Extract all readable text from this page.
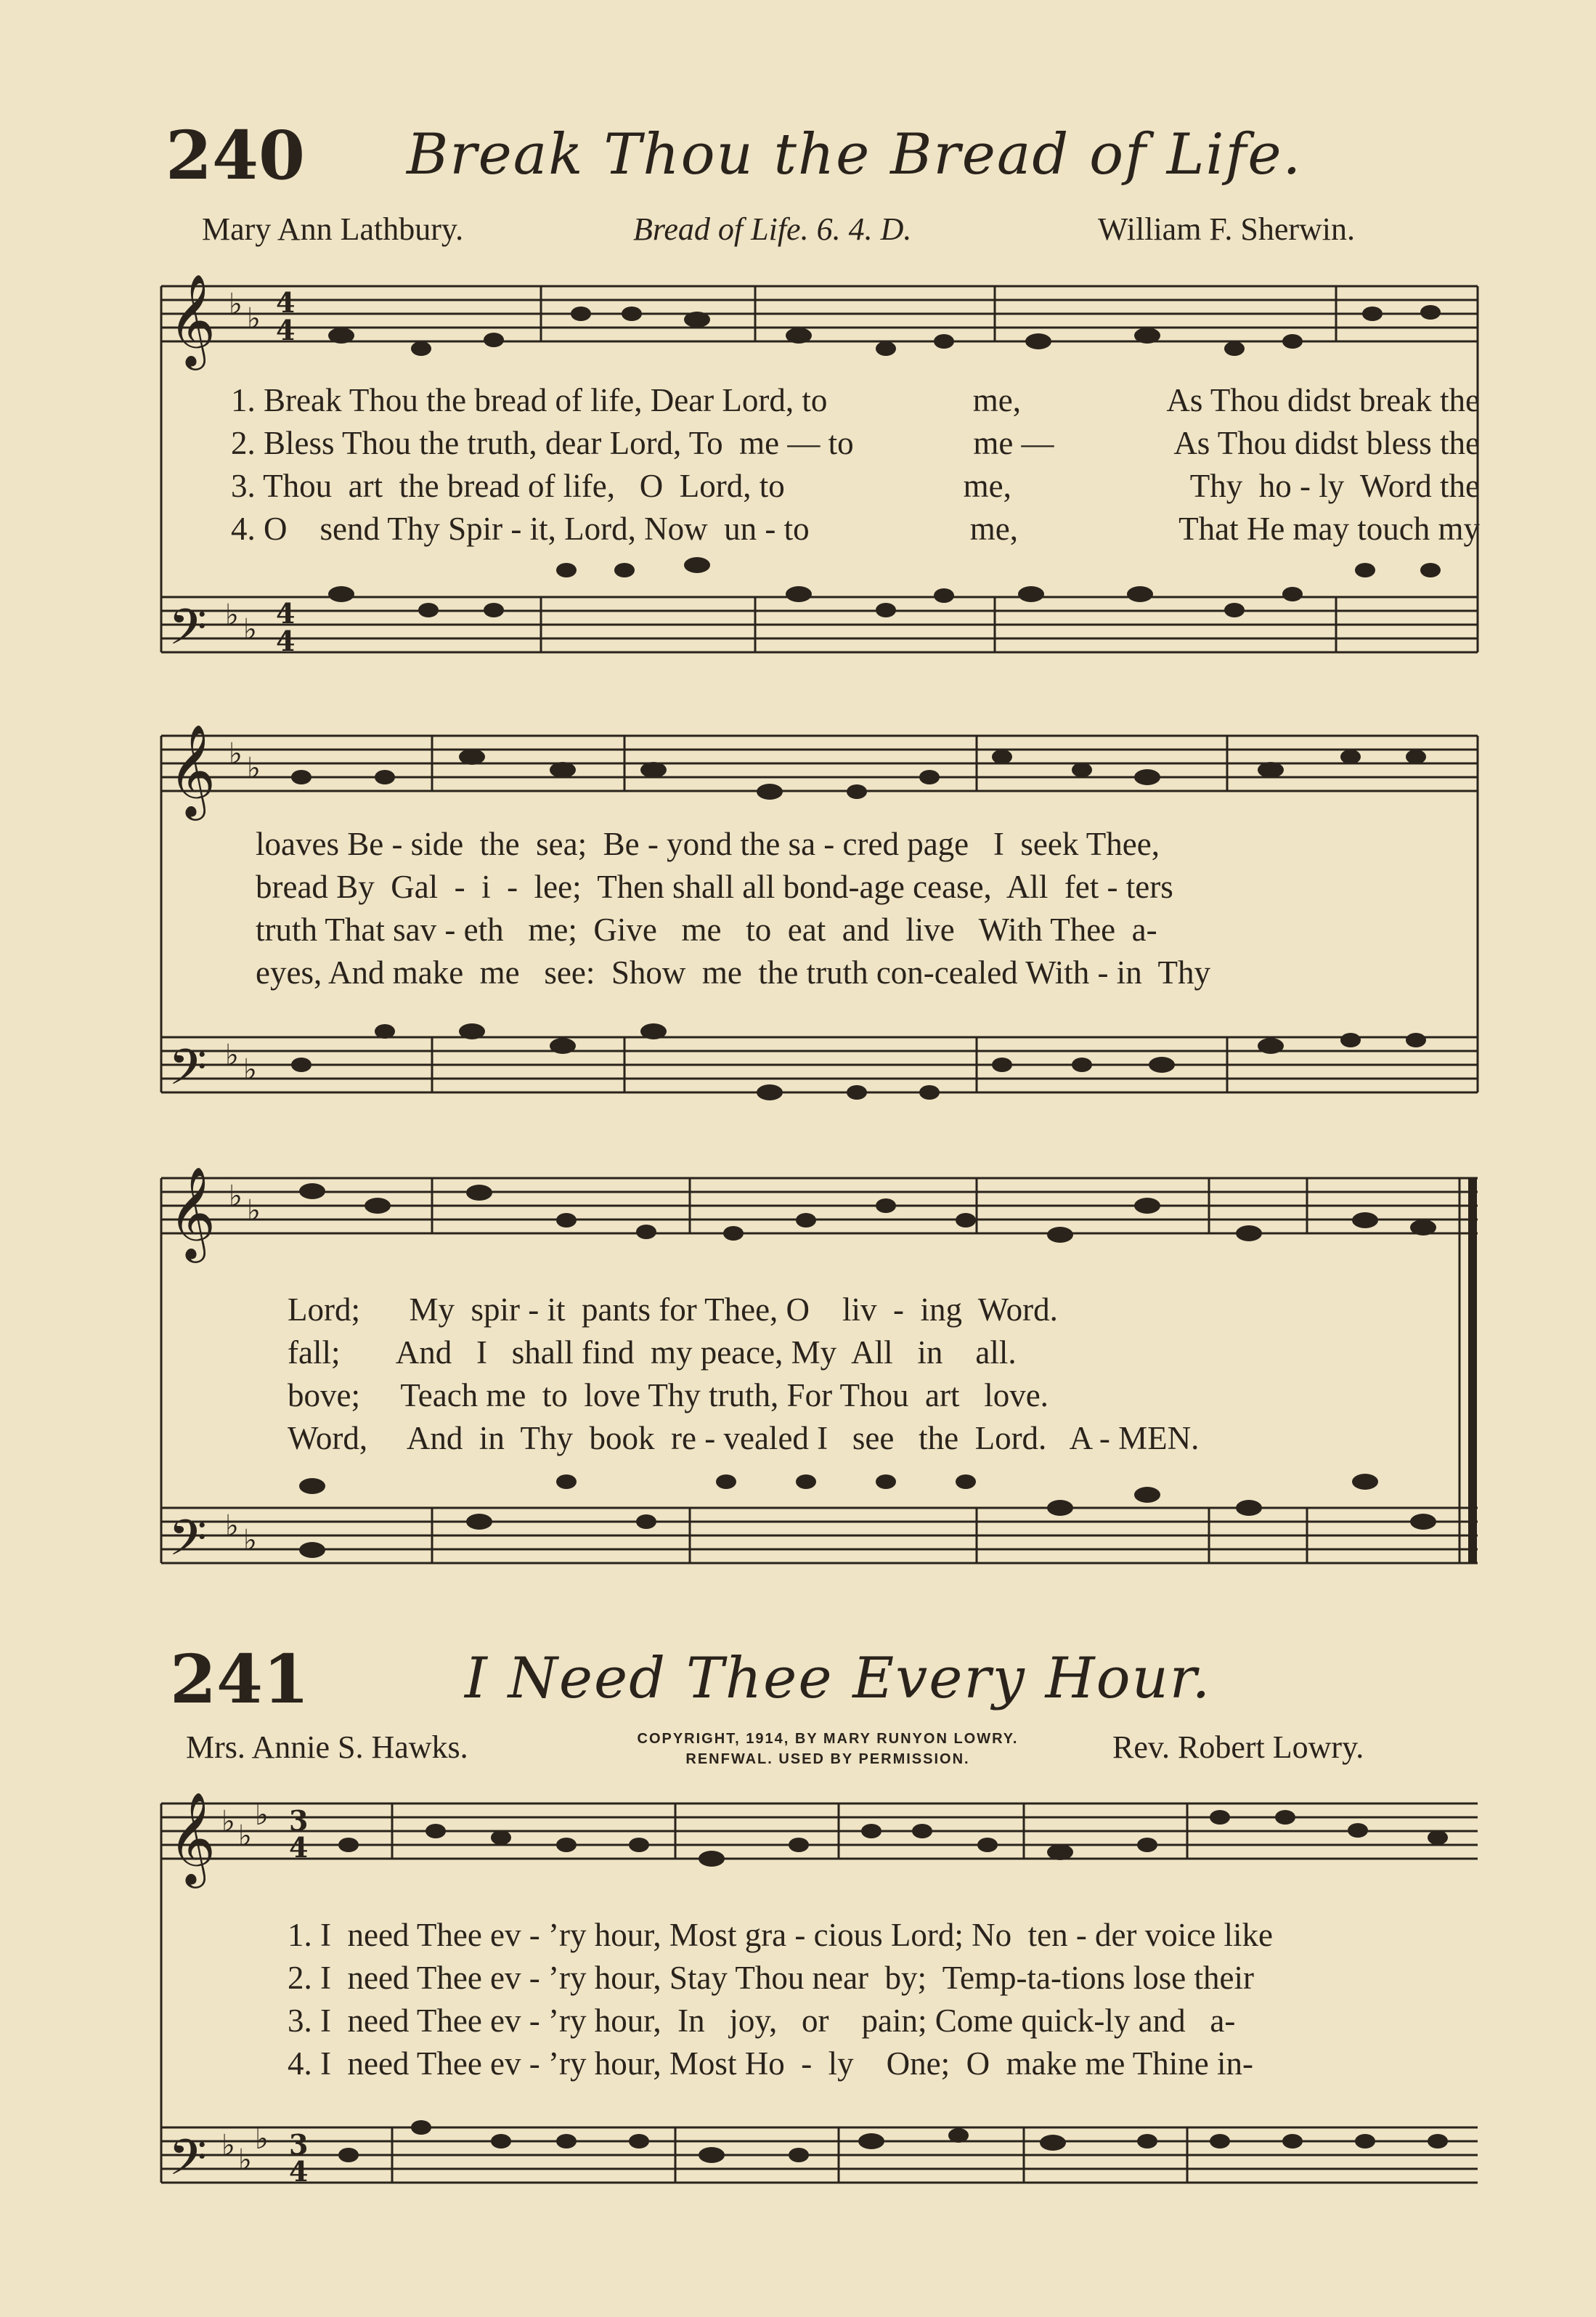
240 Break Thou the Bread of Life.
Mary Ann Lathbury.	Bread of Life. 6. 4. D.	William F. Sherwin.
𝄞
𝄢
♭ ♭ 4
4
♭ ♭ 4
4
𝄞
𝄢
♭ ♭
♭ ♭
𝄞
𝄢
♭ ♭
♭ ♭
𝄞
𝄢
♭ ♭
♭ 3
4
♭ ♭
♭ 3
4
1. Break Thou the bread of life, Dear Lord, to	me,	As Thou didst break the
2. Bless Thou the truth, dear Lord, To  me — to	me —	As Thou didst bless the
3. Thou  art  the bread of life,   O  Lord, to	me,	Thy  ho - ly  Word the
4. O    send Thy Spir - it, Lord, Now  un - to	me,	That He may touch my
loaves Be - side  the  sea;  Be - yond the sa - cred page   I  seek Thee,
bread By  Gal  -  i  -  lee;  Then shall all bond-age cease,  All  fet - ters
truth That sav - eth   me;  Give   me   to  eat  and  live   With Thee  a-
eyes, And make  me   see:  Show  me  the truth con-cealed With - in  Thy
Lord;      My  spir - it  pants for Thee, O    liv  -  ing  Word.
fall;       And   I   shall find  my peace, My  All   in    all.
bove;     Teach me  to  love Thy truth, For Thou  art   love.
Word,     And  in  Thy  book  re - vealed I   see   the  Lord.   A - MEN.
241	I Need Thee Every Hour.
Mrs. Annie S. Hawks.	COPYRIGHT, 1914, BY MARY RUNYON LOWRY.
RENFWAL. USED BY PERMISSION.	Rev. Robert Lowry.
1. I  need Thee ev - ’ry hour, Most gra - cious Lord; No  ten - der voice like
2. I  need Thee ev - ’ry hour, Stay Thou near  by;  Temp-ta-tions lose their
3. I  need Thee ev - ’ry hour,  In   joy,   or    pain; Come quick-ly and   a-
4. I  need Thee ev - ’ry hour, Most Ho  -  ly    One;  O  make me Thine in-
